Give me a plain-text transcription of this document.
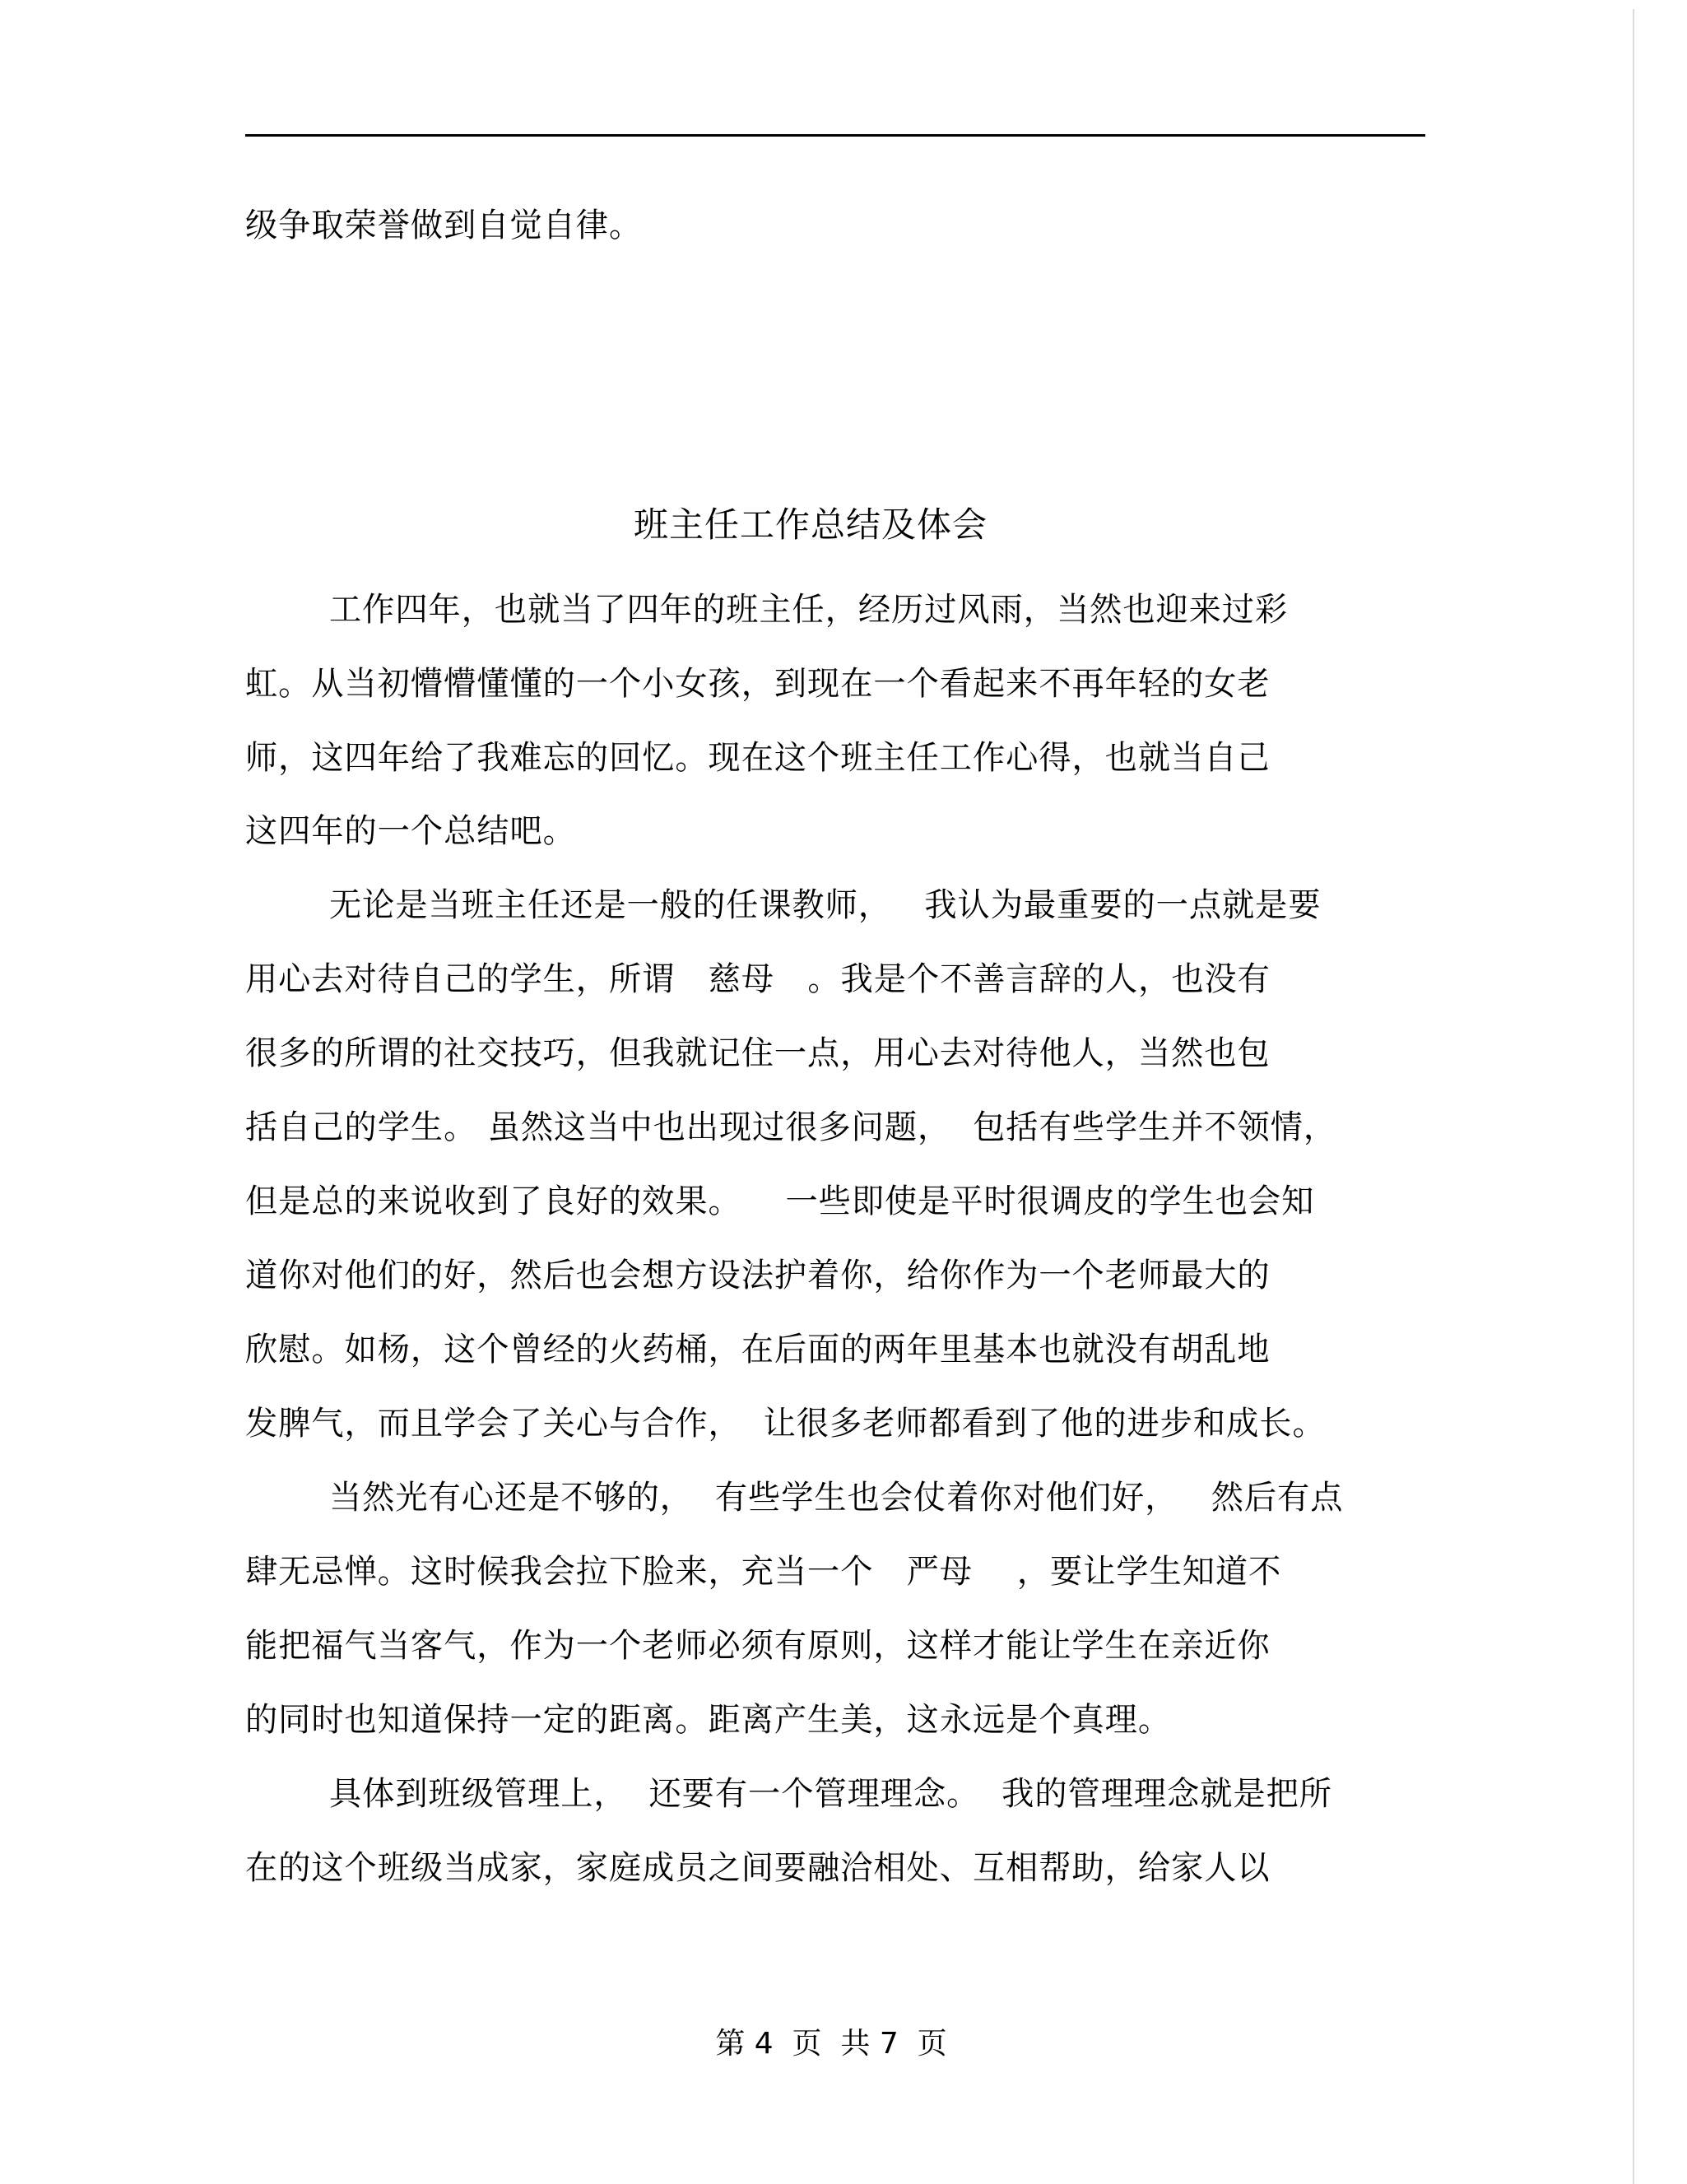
级争取荣誉做到自觉自律。
班主任工作总结及体会
工作四年，也就当了四年的班主任，经历过风雨，当然也迎来过彩
虹。从当初懵懵懂懂的一个小女孩，到现在一个看起来不再年轻的女老
师，这四年给了我难忘的回忆。现在这个班主任工作心得，也就当自己
这四年的一个总结吧。
无论是当班主任还是一般的任课教师，   我认为最重要的一点就是要
用心去对待自己的学生，所谓   慈母   。我是个不善言辞的人，也没有
很多的所谓的社交技巧，但我就记住一点，用心去对待他人，当然也包
括自己的学生。 虽然这当中也出现过很多问题，  包括有些学生并不领情，
但是总的来说收到了良好的效果。    一些即使是平时很调皮的学生也会知
道你对他们的好，然后也会想方设法护着你，给你作为一个老师最大的
欣慰。如杨，这个曾经的火药桶，在后面的两年里基本也就没有胡乱地
发脾气，而且学会了关心与合作，  让很多老师都看到了他的进步和成长。
当然光有心还是不够的，  有些学生也会仗着你对他们好，   然后有点
肆无忌惮。这时候我会拉下脸来，充当一个   严母    ，要让学生知道不
能把福气当客气，作为一个老师必须有原则，这样才能让学生在亲近你
的同时也知道保持一定的距离。距离产生美，这永远是个真理。
具体到班级管理上，  还要有一个管理理念。  我的管理理念就是把所
在的这个班级当成家，家庭成员之间要融洽相处、互相帮助，给家人以
第 4  页  共 7  页
